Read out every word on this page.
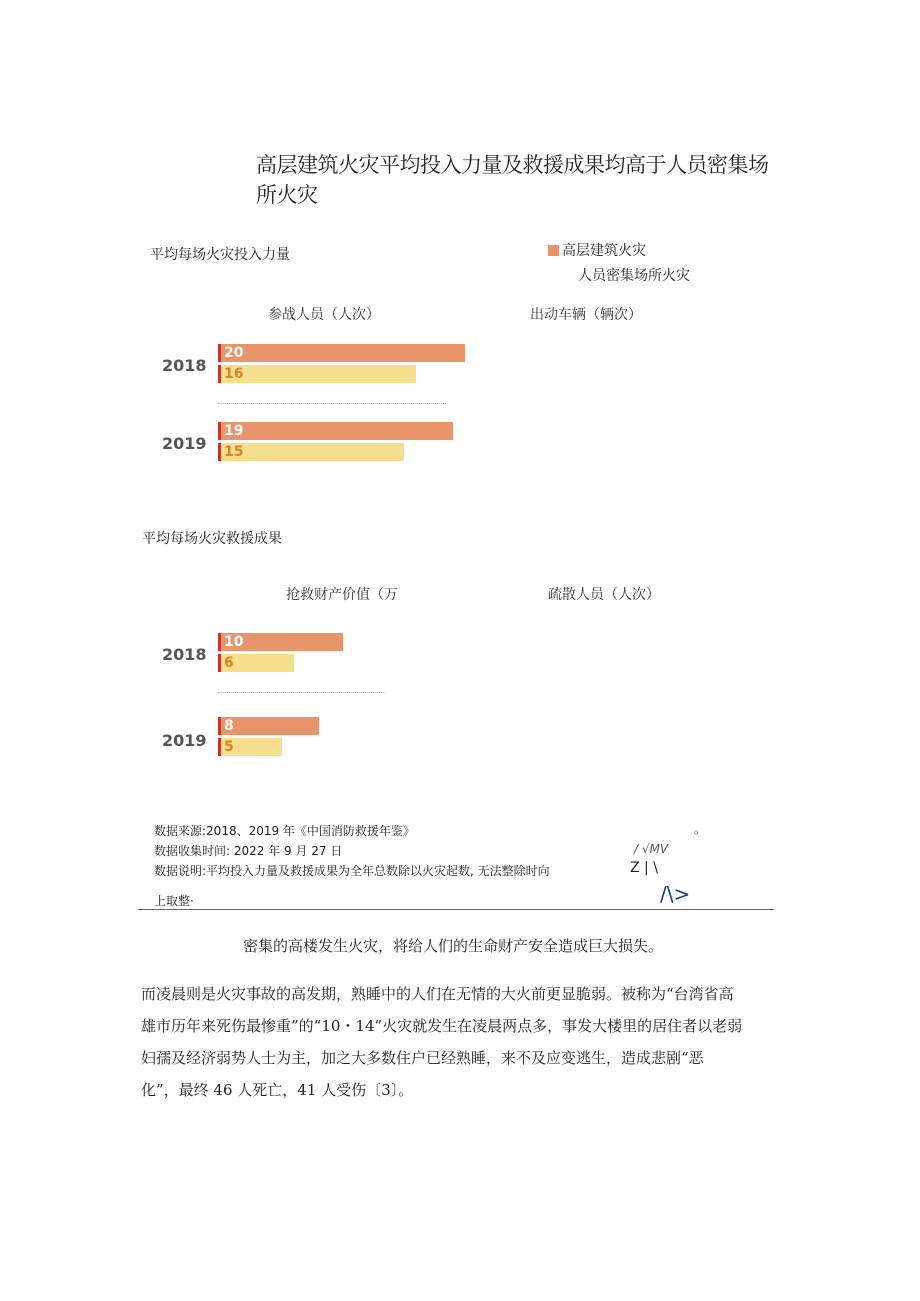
高层建筑火灾平均投入力量及救援成果均高于人员密集场所火灾
高层建筑火灾
人员密集场所火灾
平均每场火灾投入力量
参战人员（人次）	出动车辆（辆次）
2018
2019
20
16
19
15
平均每场火灾救援成果
抢救财产价值（万	疏散人员（人次）
2018
2019
10
6
8
5
数据来源:2018、2019 年《中国消防救援年鉴》	。
数据收集时间: 2022 年 9 月 27 日	/ √MV
数据说明:平均投入力量及救援成果为全年总数除以火灾起数, 无法整除时向	Z | \
上取整·	/\>
密集的高楼发生火灾，将给人们的生命财产安全造成巨大损失。
而凌晨则是火灾事故的高发期，熟睡中的人们在无情的大火前更显脆弱。被称为“台湾省高
雄市历年来死伤最惨重”的“10・14”火灾就发生在凌晨两点多，事发大楼里的居住者以老弱
妇孺及经济弱势人士为主，加之大多数住户已经熟睡，来不及应变逃生，造成悲剧“恶
化”，最终 46 人死亡，41 人受伤〔3〕。
